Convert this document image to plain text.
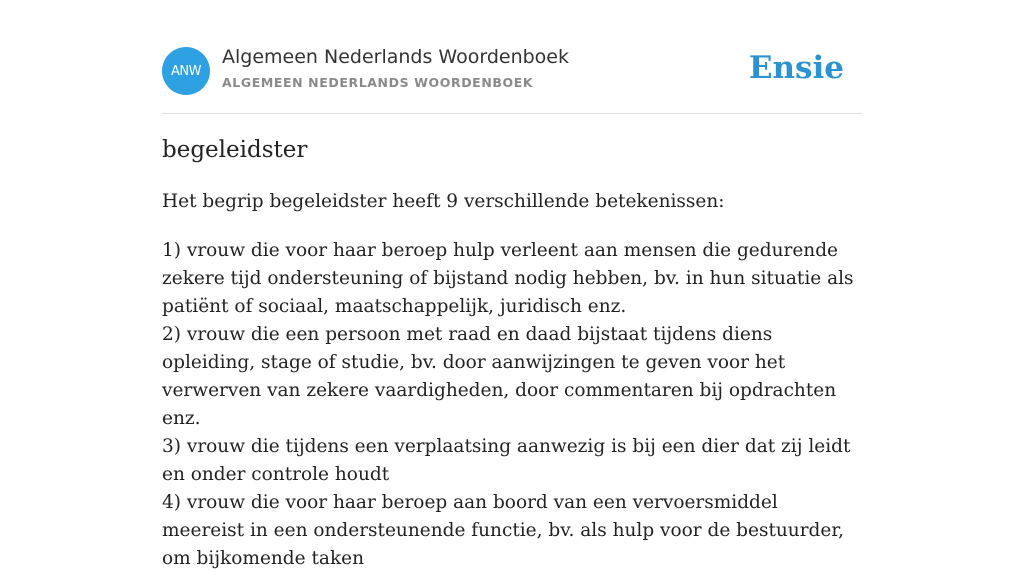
ANW
Algemeen Nederlands Woordenboek
ALGEMEEN NEDERLANDS WOORDENBOEK	Ensie
begeleidster

Het begrip begeleidster heeft 9 verschillende betekenissen:

1) vrouw die voor haar beroep hulp verleent aan mensen die gedurende zekere tijd ondersteuning of bijstand nodig hebben, bv. in hun situatie als patiënt of sociaal, maatschappelijk, juridisch enz.
2) vrouw die een persoon met raad en daad bijstaat tijdens diens opleiding, stage of studie, bv. door aanwijzingen te geven voor het verwerven van zekere vaardigheden, door commentaren bij opdrachten enz.
3) vrouw die tijdens een verplaatsing aanwezig is bij een dier dat zij leidt en onder controle houdt
4) vrouw die voor haar beroep aan boord van een vervoersmiddel meereist in een ondersteunende functie, bv. als hulp voor de bestuurder, om bijkomende taken
